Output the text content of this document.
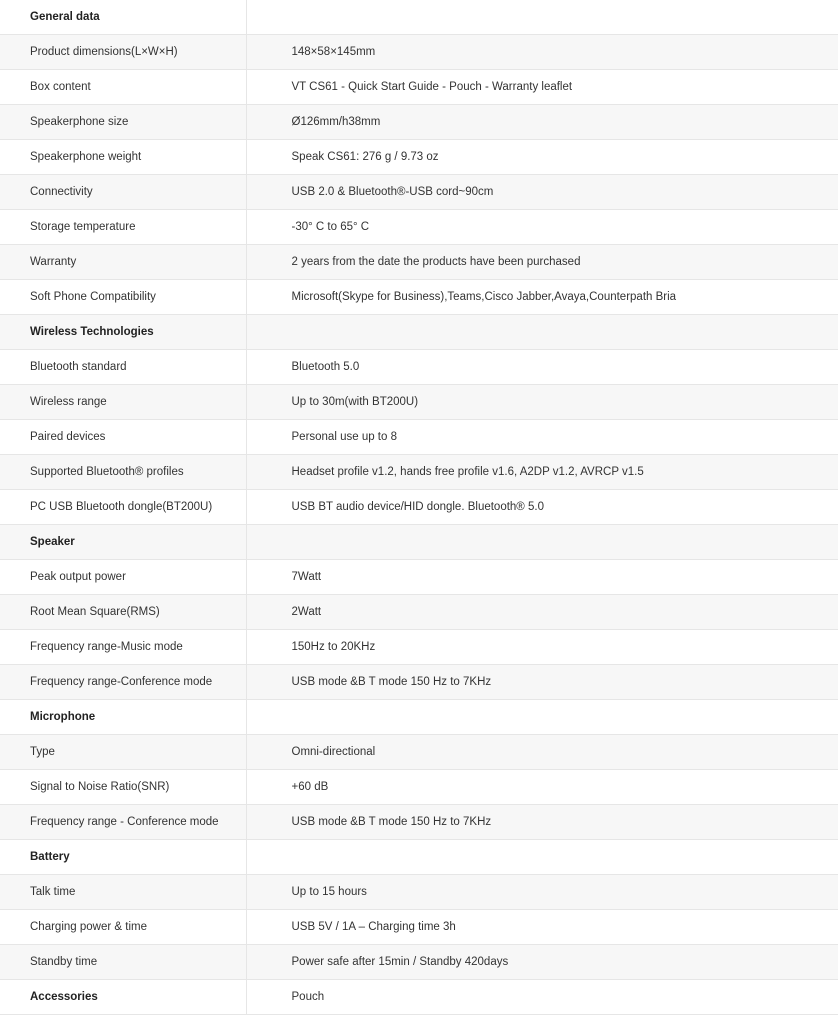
General data	
Product dimensions(L×W×H)	148×58×145mm
Box content	VT CS61 - Quick Start Guide - Pouch - Warranty leaflet
Speakerphone size	Ø126mm/h38mm
Speakerphone weight	Speak CS61: 276 g / 9.73 oz
Connectivity	USB 2.0 & Bluetooth®-USB cord~90cm
Storage temperature	-30° C to 65° C
Warranty	2 years from the date the products have been purchased
Soft Phone Compatibility	Microsoft(Skype for Business),Teams,Cisco Jabber,Avaya,Counterpath Bria
Wireless Technologies	
Bluetooth standard	Bluetooth 5.0
Wireless range	Up to 30m(with BT200U)
Paired devices	Personal use up to 8
Supported Bluetooth® profiles	Headset profile v1.2, hands free profile v1.6, A2DP v1.2, AVRCP v1.5
PC USB Bluetooth dongle(BT200U)	USB BT audio device/HID dongle. Bluetooth® 5.0
Speaker	
Peak output power	7Watt
Root Mean Square(RMS)	2Watt
Frequency range-Music mode	150Hz to 20KHz
Frequency range-Conference mode	USB mode &B T mode 150 Hz to 7KHz
Microphone	
Type	Omni-directional
Signal to Noise Ratio(SNR)	+60 dB
Frequency range - Conference mode	USB mode &B T mode 150 Hz to 7KHz
Battery	
Talk time	Up to 15 hours
Charging power & time	USB 5V / 1A – Charging time 3h
Standby time	Power safe after 15min / Standby 420days
Accessories	Pouch
